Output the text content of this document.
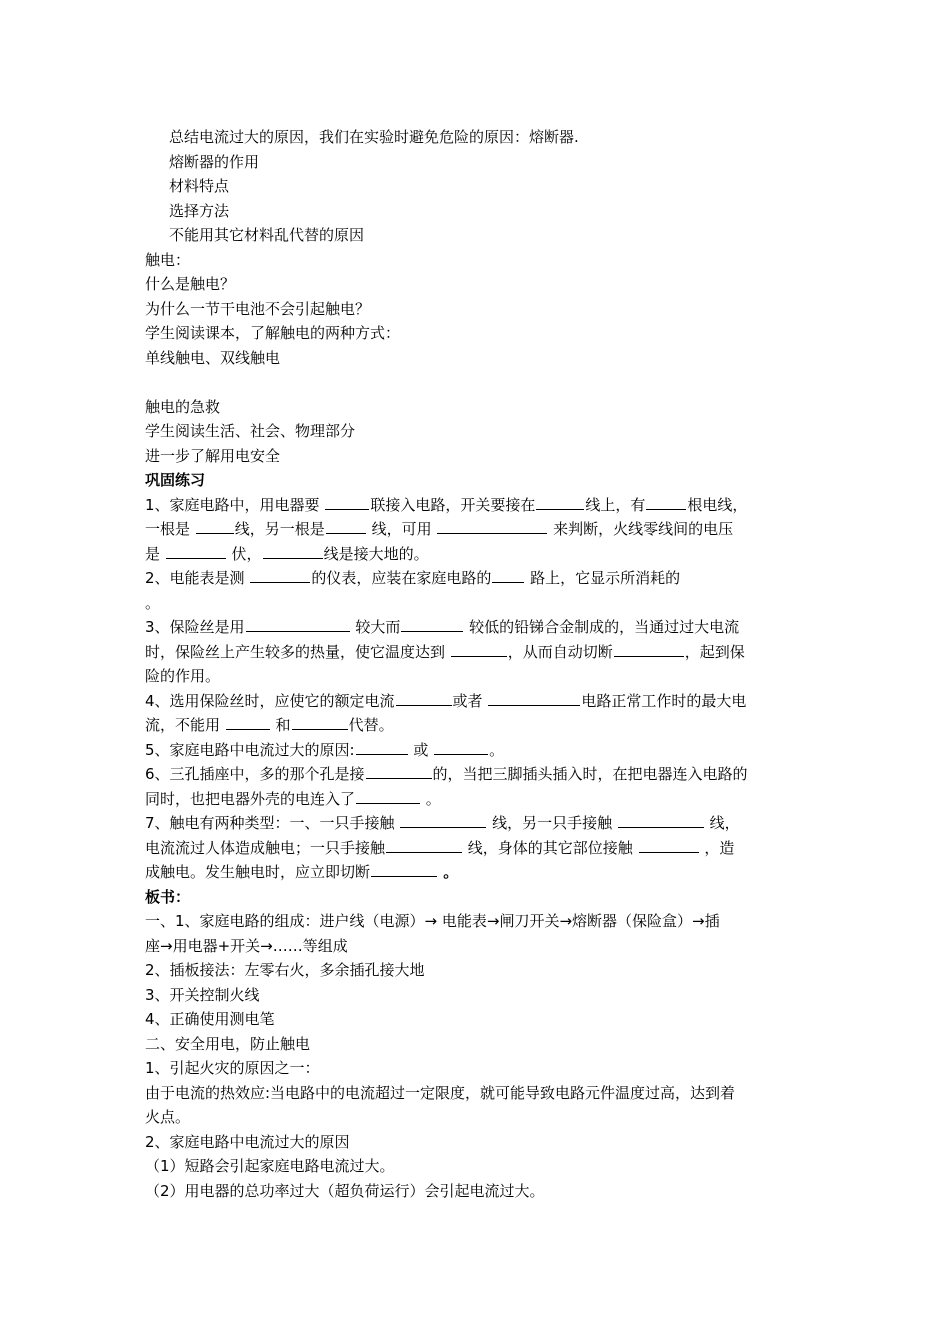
总结电流过大的原因，我们在实验时避免危险的原因：熔断器.
熔断器的作用
材料特点
选择方法
不能用其它材料乱代替的原因
触电：
什么是触电？
为什么一节干电池不会引起触电？
学生阅读课本，了解触电的两种方式：
单线触电、双线触电
触电的急救
学生阅读生活、社会、物理部分
进一步了解用电安全
巩固练习
1、家庭电路中，用电器要	联接入电路，开关要接在	线上，有	根电线，
一根是	线，另一根是	线，可用	来判断，火线零线间的电压
是	伏，	线是接大地的。
2、电能表是测	的仪表，应装在家庭电路的 路上，它显示所消耗的
。
3、保险丝是用	较大而	较低的铅锑合金制成的，当通过过大电流
时，保险丝上产生较多的热量，使它温度达到	，从而自动切断	，起到保
险的作用。
4、选用保险丝时，应使它的额定电流	或者	电路正常工作时的最大电
流，不能用	和	代替。
5、家庭电路中电流过大的原因:	或	。
6、三孔插座中，多的那个孔是接	的，当把三脚插头插入时，在把电器连入电路的
同时，也把电器外壳的电连入了	。
7、触电有两种类型：一、一只手接触	线，另一只手接触	线，
电流流过人体造成触电；一只手接触	线，身体的其它部位接触	，造
成触电。发生触电时，应立即切断	。
板书：
一、1、家庭电路的组成：进户线（电源）→ 电能表→闸刀开关→熔断器（保险盒）→插
座→用电器+开关→……等组成
2、插板接法：左零右火，多余插孔接大地
3、开关控制火线
4、正确使用测电笔
二、安全用电，防止触电
1、引起火灾的原因之一：
由于电流的热效应:当电路中的电流超过一定限度，就可能导致电路元件温度过高，达到着
火点。
2、家庭电路中电流过大的原因
（1）短路会引起家庭电路电流过大。
（2）用电器的总功率过大（超负荷运行）会引起电流过大。
